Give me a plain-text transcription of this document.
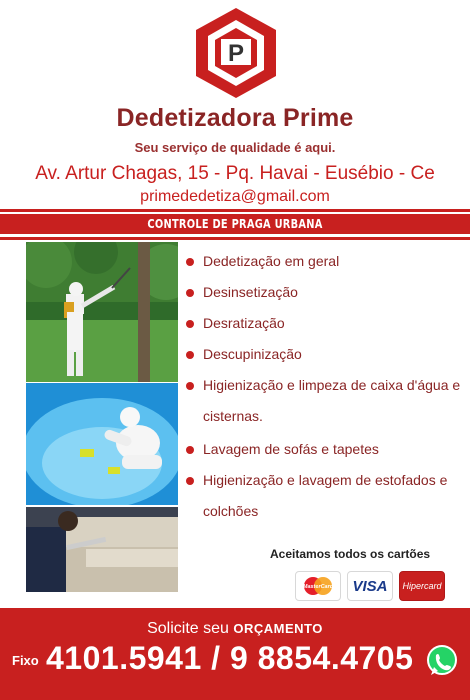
P
Dedetizadora Prime
Seu serviço de qualidade é aqui.
Av. Artur Chagas, 15 - Pq. Havai - Eusébio - Ce
primededetiza@gmail.com
CONTROLE DE PRAGA URBANA
Dedetização em geral
Desinsetização
Desratização
Descupinização
Higienização e limpeza de caixa d'água e cisternas.
Lavagem de sofás e tapetes
Higienização e lavagem de estofados e colchões
Aceitamos todos os cartões
MasterCard VISA Hipercard
Solicite seu ORÇAMENTO
Fixo 4101.5941 / 9 8854.4705
